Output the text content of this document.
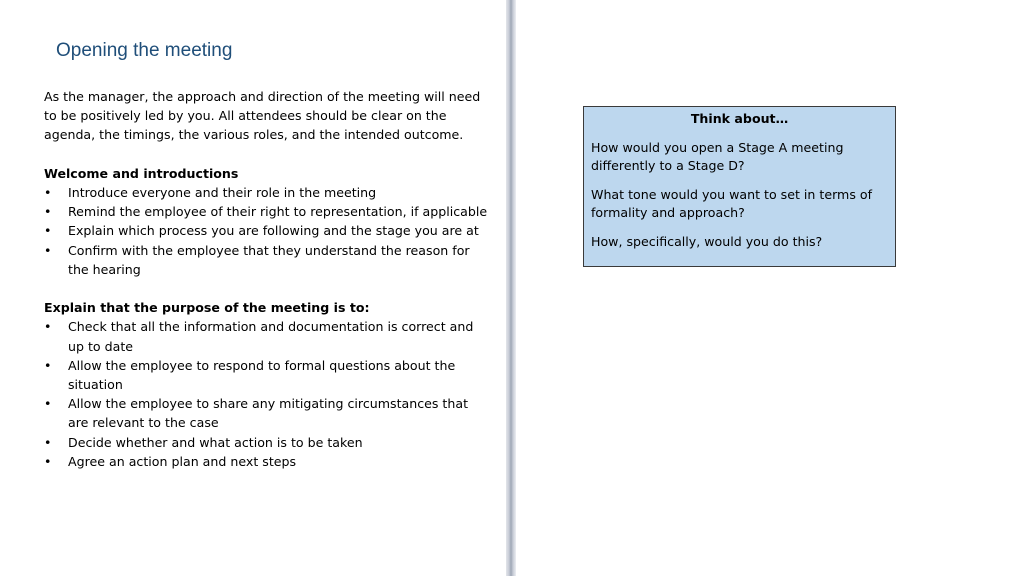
Opening the meeting

As the manager, the approach and direction of the meeting will need to be positively led by you. All attendees should be clear on the agenda, the timings, the various roles, and the intended outcome.

Welcome and introductions

• Introduce everyone and their role in the meeting
• Remind the employee of their right to representation, if applicable
• Explain which process you are following and the stage you are at
• Confirm with the employee that they understand the reason for the hearing

Explain that the purpose of the meeting is to:

• Check that all the information and documentation is correct and up to date
• Allow the employee to respond to formal questions about the situation
• Allow the employee to share any mitigating circumstances that are relevant to the case
• Decide whether and what action is to be taken
• Agree an action plan and next steps

Think about…

How would you open a Stage A meeting differently to a Stage D?

What tone would you want to set in terms of formality and approach?

How, specifically, would you do this?
